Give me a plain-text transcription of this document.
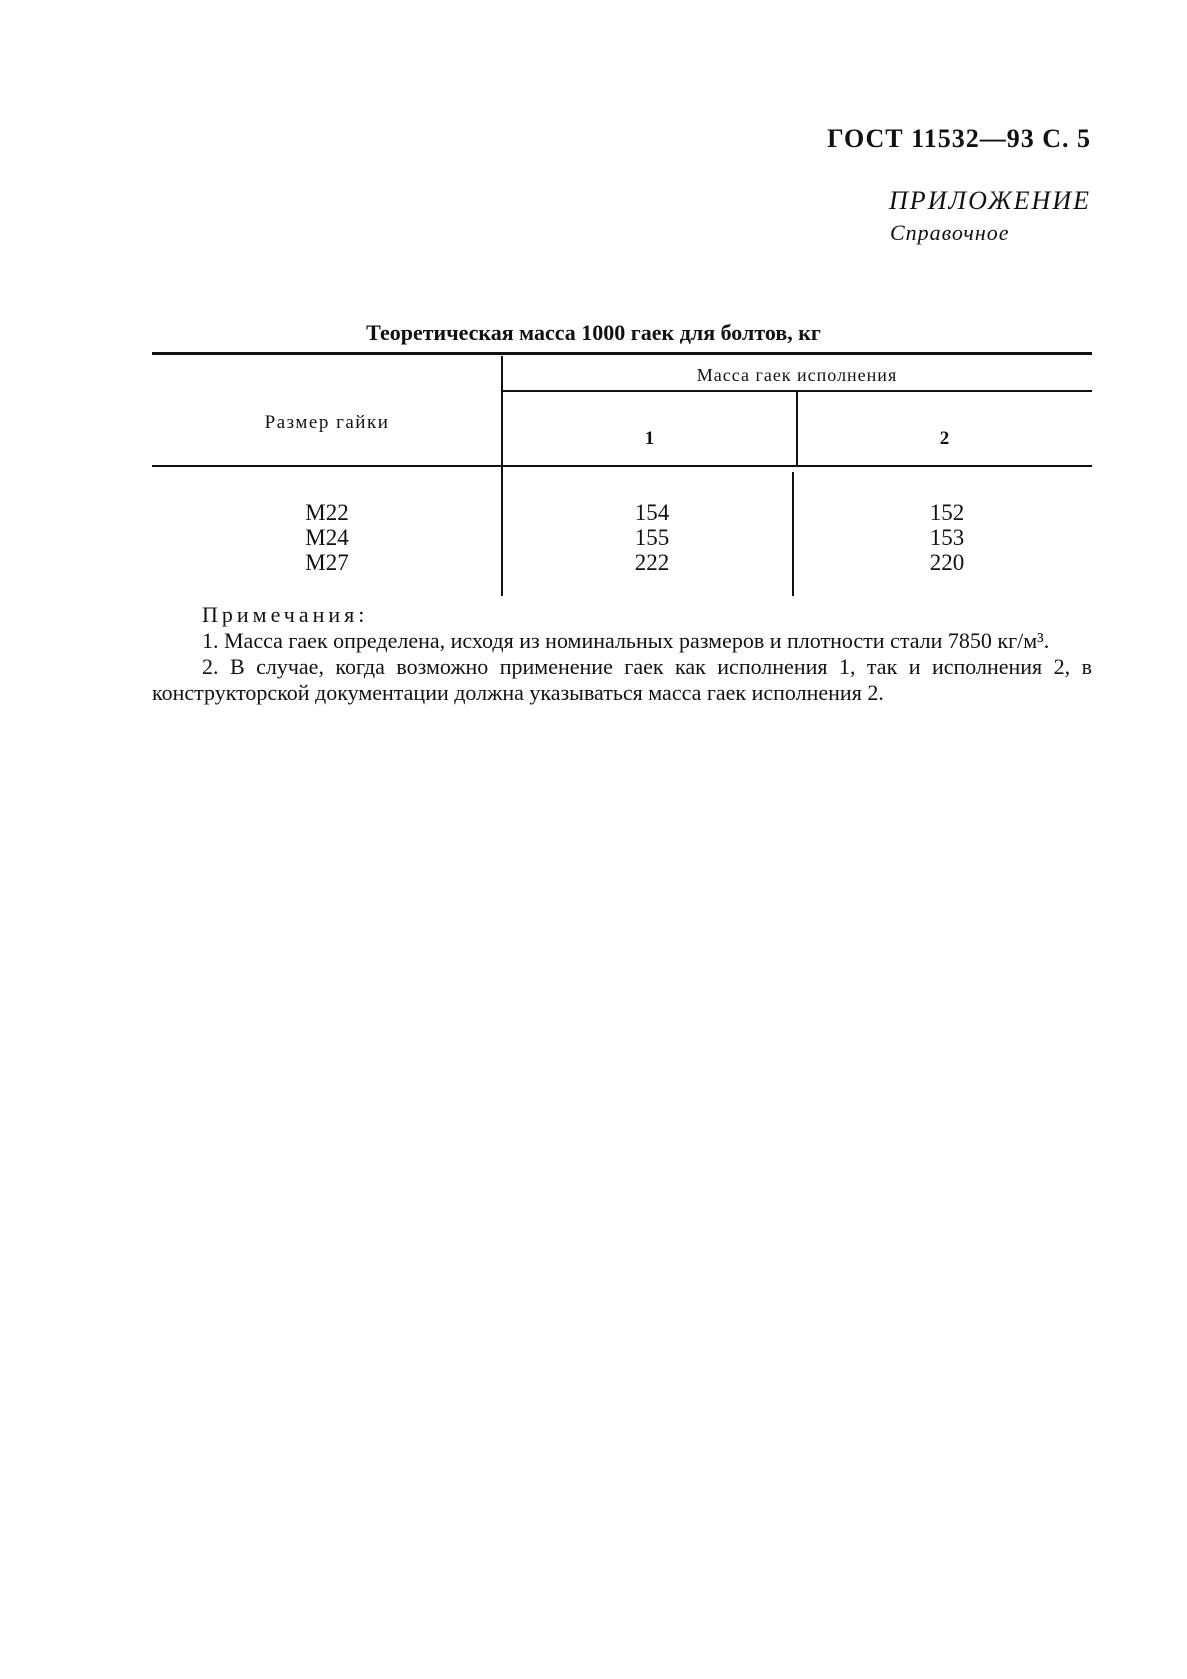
ГОСТ 11532—93 С. 5
ПРИЛОЖЕНИЕ
Справочное
Теоретическая масса 1000 гаек для болтов, кг
Размер гайки
Масса гаек исполнения
1	2
М22	154	152
М24	155	153
М27	222	220
Примечания:
1. Масса гаек определена, исходя из номинальных размеров и плотности стали 7850 кг/м³.
2. В случае, когда возможно применение гаек как исполнения 1, так и исполнения 2, в конструкторской документации должна указываться масса гаек исполнения 2.
